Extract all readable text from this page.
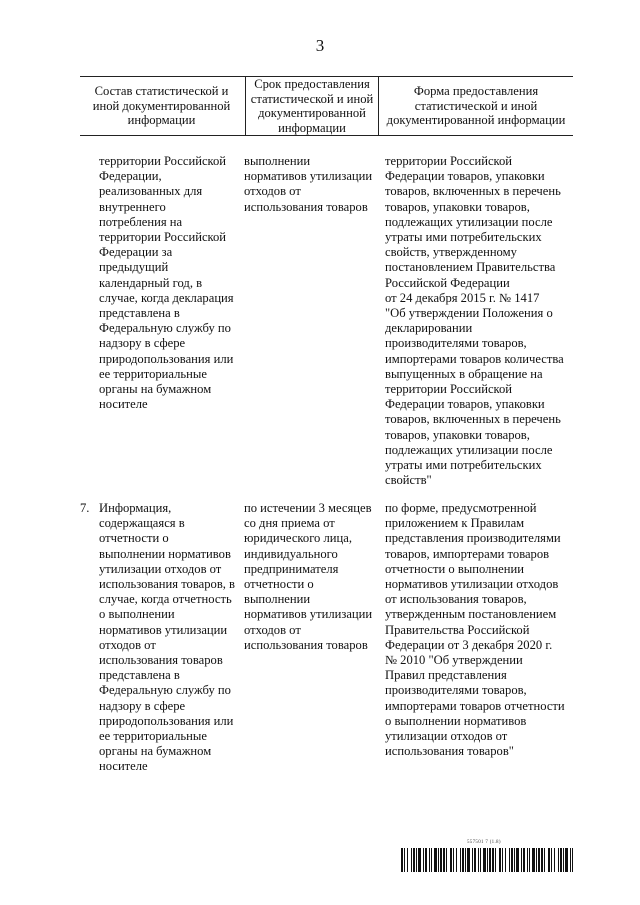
3
Состав статистической и
иной документированной
информации
Срок предоставления
статистической и иной
документированной
информации
Форма предоставления
статистической и иной
документированной информации

территории Российской
Федерации,
реализованных для
внутреннего
потребления на
территории Российской
Федерации за
предыдущий
календарный год, в
случае, когда декларация
представлена в
Федеральную службу по
надзору в сфере
природопользования или
ее территориальные
органы на бумажном
носителе

выполнении
нормативов утилизации
отходов от
использования товаров

территории Российской
Федерации товаров, упаковки
товаров, включенных в перечень
товаров, упаковки товаров,
подлежащих утилизации после
утраты ими потребительских
свойств, утвержденному
постановлением Правительства
Российской Федерации
от 24 декабря 2015 г. № 1417
"Об утверждении Положения о
декларировании
производителями товаров,
импортерами товаров количества
выпущенных в обращение на
территории Российской
Федерации товаров, упаковки
товаров, включенных в перечень
товаров, упаковки товаров,
подлежащих утилизации после
утраты ими потребительских
свойств"

7. Информация,
содержащаяся в
отчетности о
выполнении нормативов
утилизации отходов от
использования товаров, в
случае, когда отчетность
о выполнении
нормативов утилизации
отходов от
использования товаров
представлена в
Федеральную службу по
надзору в сфере
природопользования или
ее территориальные
органы на бумажном
носителе

по истечении 3 месяцев
со дня приема от
юридического лица,
индивидуального
предпринимателя
отчетности о
выполнении
нормативов утилизации
отходов от
использования товаров

по форме, предусмотренной
приложением к Правилам
представления производителями
товаров, импортерами товаров
отчетности о выполнении
нормативов утилизации отходов
от использования товаров,
утвержденным постановлением
Правительства Российской
Федерации от 3 декабря 2020 г.
№ 2010 "Об утверждении
Правил представления
производителями товаров,
импортерами товаров отчетности
о выполнении нормативов
утилизации отходов от
использования товаров"

557501 7 (1.8)
